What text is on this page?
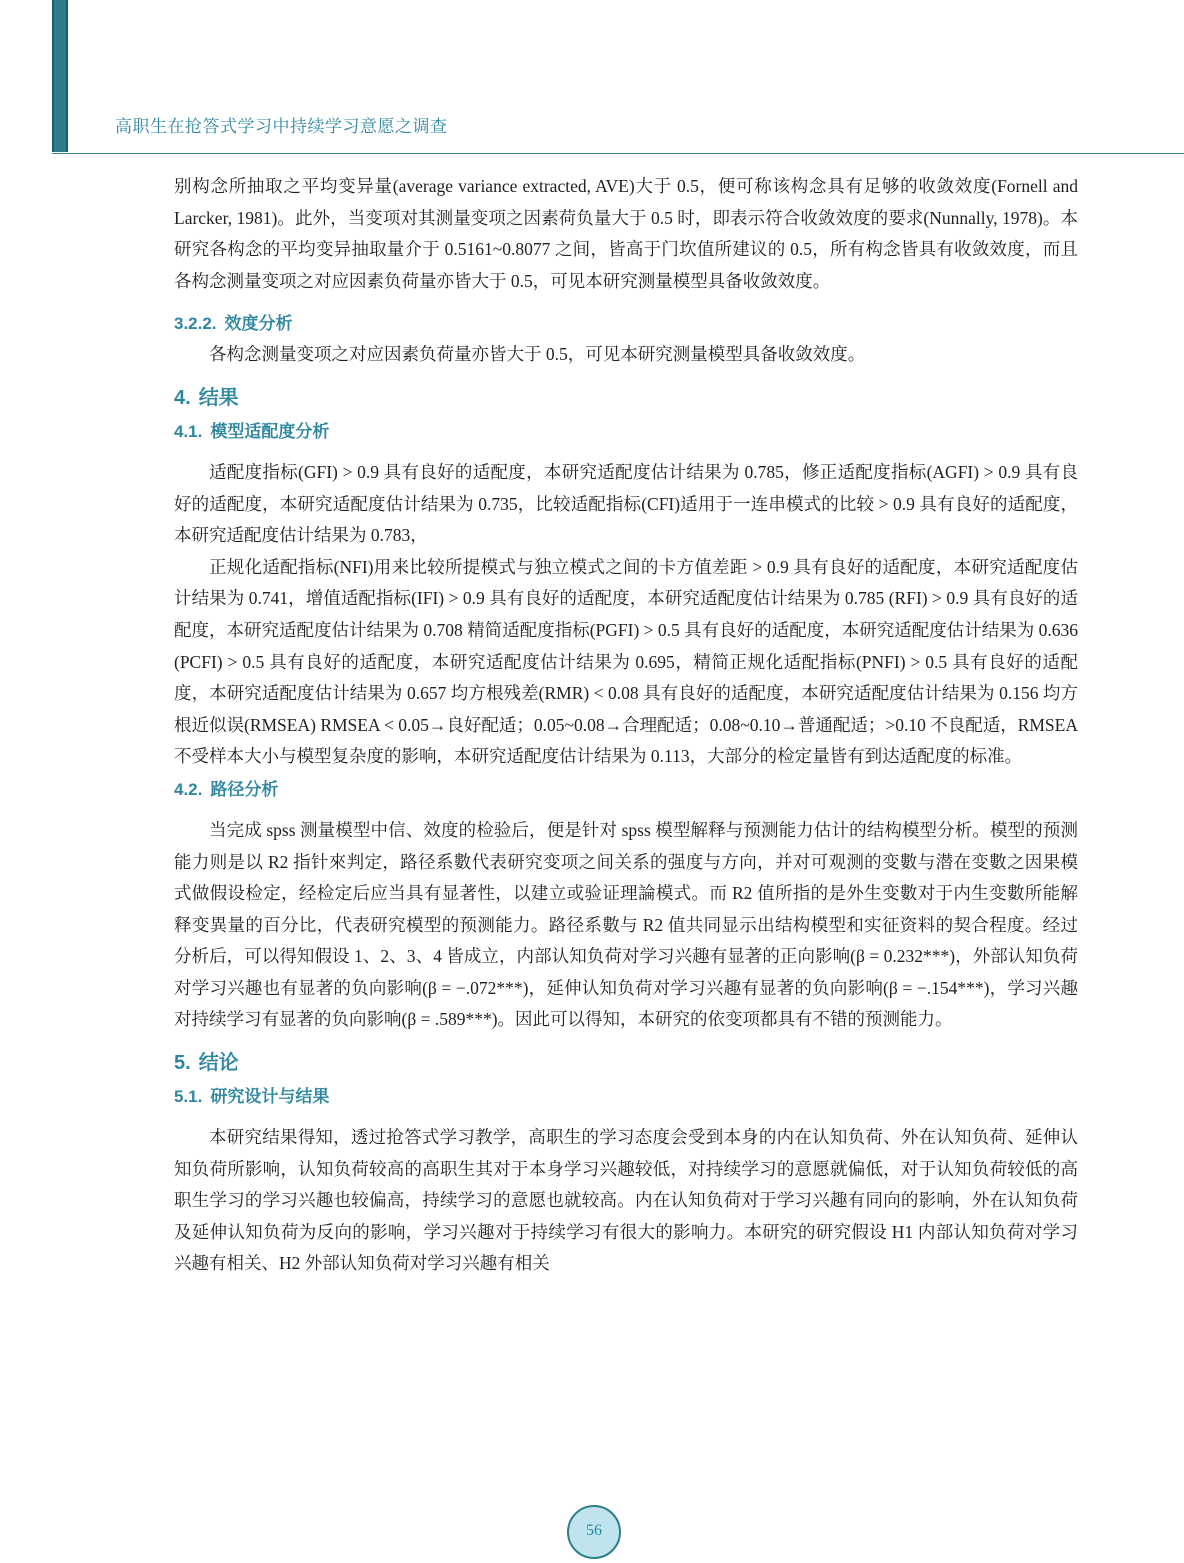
高职生在抢答式学习中持续学习意愿之调查

别构念所抽取之平均变异量(average variance extracted, AVE)大于 0.5，便可称该构念具有足够的收敛效度(Fornell and Larcker, 1981)。此外，当变项对其测量变项之因素荷负量大于 0.5 时，即表示符合收敛效度的要求(Nunnally, 1978)。本研究各构念的平均变异抽取量介于 0.5161~0.8077 之间，皆高于门坎值所建议的 0.5，所有构念皆具有收敛效度，而且各构念测量变项之对应因素负荷量亦皆大于 0.5，可见本研究测量模型具备收敛效度。

3.2.2. 效度分析

各构念测量变项之对应因素负荷量亦皆大于 0.5，可见本研究测量模型具备收敛效度。

4. 结果
4.1. 模型适配度分析

适配度指标(GFI) > 0.9 具有良好的适配度，本研究适配度估计结果为 0.785，修正适配度指标(AGFI) > 0.9 具有良好的适配度，本研究适配度估计结果为 0.735，比较适配指标(CFI)适用于一连串模式的比较 > 0.9 具有良好的适配度，本研究适配度估计结果为 0.783，

正规化适配指标(NFI)用来比较所提模式与独立模式之间的卡方值差距 > 0.9 具有良好的适配度，本研究适配度估计结果为 0.741，增值适配指标(IFI) > 0.9 具有良好的适配度，本研究适配度估计结果为 0.785 (RFI) > 0.9 具有良好的适配度，本研究适配度估计结果为 0.708 精简适配度指标(PGFI) > 0.5 具有良好的适配度，本研究适配度估计结果为 0.636 (PCFI) > 0.5 具有良好的适配度，本研究适配度估计结果为 0.695，精简正规化适配指标(PNFI) > 0.5 具有良好的适配度，本研究适配度估计结果为 0.657 均方根残差(RMR) < 0.08 具有良好的适配度，本研究适配度估计结果为 0.156 均方根近似误(RMSEA) RMSEA < 0.05→良好配适；0.05~0.08→合理配适；0.08~0.10→普通配适；>0.10 不良配适，RMSEA 不受样本大小与模型复杂度的影响，本研究适配度估计结果为 0.113，大部分的检定量皆有到达适配度的标准。

4.2. 路径分析

当完成 spss 测量模型中信、效度的检验后，便是针对 spss 模型解释与预测能力估计的结构模型分析。模型的预测能力则是以 R2 指针來判定，路径系數代表研究变项之间关系的强度与方向，并对可观测的变數与潜在变數之因果模式做假设检定，经检定后应当具有显著性，以建立或验证理論模式。而 R2 值所指的是外生变數对于内生变數所能解释变異量的百分比，代表研究模型的预测能力。路径系數与 R2 值共同显示出结构模型和实征资料的契合程度。经过分析后，可以得知假设 1、2、3、4 皆成立，内部认知负荷对学习兴趣有显著的正向影响(β = 0.232***)，外部认知负荷对学习兴趣也有显著的负向影响(β = −.072***)，延伸认知负荷对学习兴趣有显著的负向影响(β = −.154***)，学习兴趣对持续学习有显著的负向影响(β = .589***)。因此可以得知，本研究的依变项都具有不错的预测能力。

5. 结论
5.1. 研究设计与结果

本研究结果得知，透过抢答式学习教学，高职生的学习态度会受到本身的内在认知负荷、外在认知负荷、延伸认知负荷所影响，认知负荷较高的高职生其对于本身学习兴趣较低，对持续学习的意愿就偏低，对于认知负荷较低的高职生学习的学习兴趣也较偏高，持续学习的意愿也就较高。内在认知负荷对于学习兴趣有同向的影响，外在认知负荷及延伸认知负荷为反向的影响，学习兴趣对于持续学习有很大的影响力。本研究的研究假设 H1 内部认知负荷对学习兴趣有相关、H2 外部认知负荷对学习兴趣有相关

56
